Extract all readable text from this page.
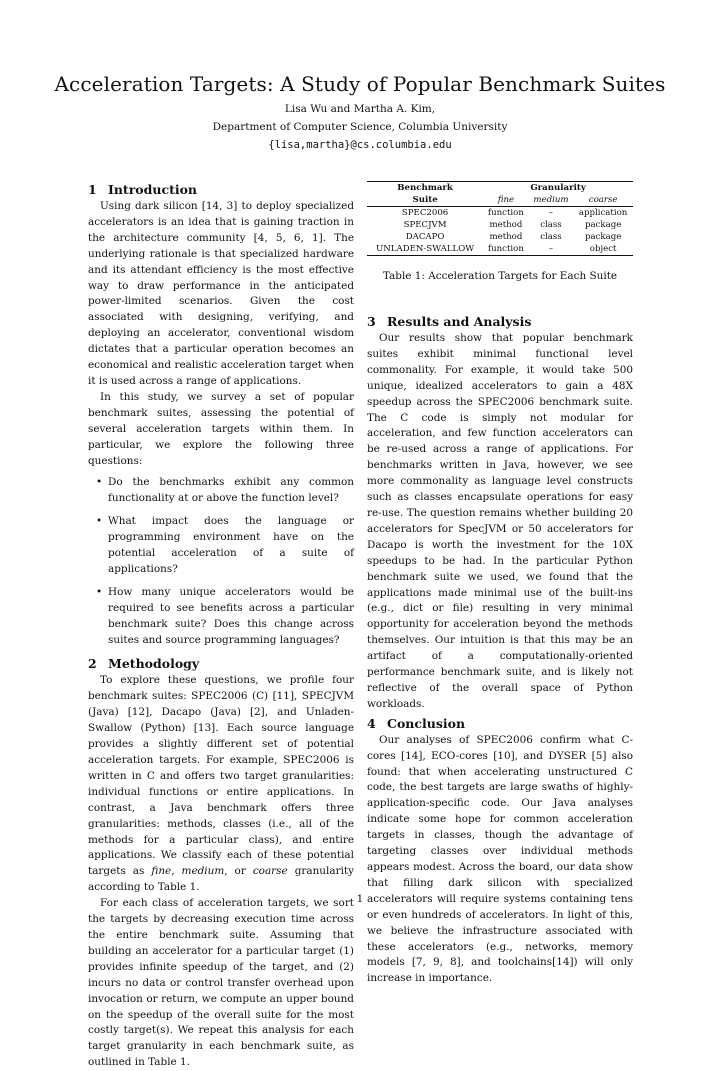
Acceleration Targets: A Study of Popular Benchmark Suites
Lisa Wu and Martha A. Kim,
Department of Computer Science, Columbia University
{lisa,martha}@cs.columbia.edu
1 Introduction

Using dark silicon [14, 3] to deploy specialized accelerators is an idea that is gaining traction in the architecture community [4, 5, 6, 1]. The underlying rationale is that specialized hardware and its attendant efficiency is the most effective way to draw performance in the anticipated power-limited scenarios. Given the cost associated with designing, verifying, and deploying an accelerator, conventional wisdom dictates that a particular operation becomes an economical and realistic acceleration target when it is used across a range of applications.

In this study, we survey a set of popular benchmark suites, assessing the potential of several acceleration targets within them. In particular, we explore the following three questions:

• Do the benchmarks exhibit any common functionality at or above the function level?
• What impact does the language or programming environment have on the potential acceleration of a suite of applications?
• How many unique accelerators would be required to see benefits across a particular benchmark suite? Does this change across suites and source programming languages?
2 Methodology

To explore these questions, we profile four benchmark suites: SPEC2006 (C) [11], SPECJVM (Java) [12], Dacapo (Java) [2], and Unladen-Swallow (Python) [13]. Each source language provides a slightly different set of potential acceleration targets. For example, SPEC2006 is written in C and offers two target granularities: individual functions or entire applications. In contrast, a Java benchmark offers three granularities: methods, classes (i.e., all of the methods for a particular class), and entire applications. We classify each of these potential targets as fine, medium, or coarse granularity according to Table 1.

For each class of acceleration targets, we sort the targets by decreasing execution time across the entire benchmark suite. Assuming that building an accelerator for a particular target (1) provides infinite speedup of the target, and (2) incurs no data or control transfer overhead upon invocation or return, we compute an upper bound on the speedup of the overall suite for the most costly target(s). We repeat this analysis for each target granularity in each benchmark suite, as outlined in Table 1.

Benchmark	Granularity		
Suite	fine	medium	coarse

SPEC2006	function	–	application
SPECJVM	method	class	package
DACAPO	method	class	package
UNLADEN-SWALLOW	function	–	object
Table 1: Acceleration Targets for Each Suite

3 Results and Analysis

Our results show that popular benchmark suites exhibit minimal functional level commonality. For example, it would take 500 unique, idealized accelerators to gain a 48X speedup across the SPEC2006 benchmark suite. The C code is simply not modular for acceleration, and few function accelerators can be re-used across a range of applications. For benchmarks written in Java, however, we see more commonality as language level constructs such as classes encapsulate operations for easy re-use. The question remains whether building 20 accelerators for SpecJVM or 50 accelerators for Dacapo is worth the investment for the 10X speedups to be had. In the particular Python benchmark suite we used, we found that the applications made minimal use of the built-ins (e.g., dict or file) resulting in very minimal opportunity for acceleration beyond the methods themselves. Our intuition is that this may be an artifact of a computationally-oriented performance benchmark suite, and is likely not reflective of the overall space of Python workloads.

4 Conclusion

Our analyses of SPEC2006 confirm what C-cores [14], ECO-cores [10], and DYSER [5] also found: that when accelerating unstructured C code, the best targets are large swaths of highly-application-specific code. Our Java analyses indicate some hope for common acceleration targets in classes, though the advantage of targeting classes over individual methods appears modest. Across the board, our data show that filling dark silicon with specialized accelerators will require systems containing tens or even hundreds of accelerators. In light of this, we believe the infrastructure associated with these accelerators (e.g., networks, memory models [7, 9, 8], and toolchains[14]) will only increase in importance.

1
